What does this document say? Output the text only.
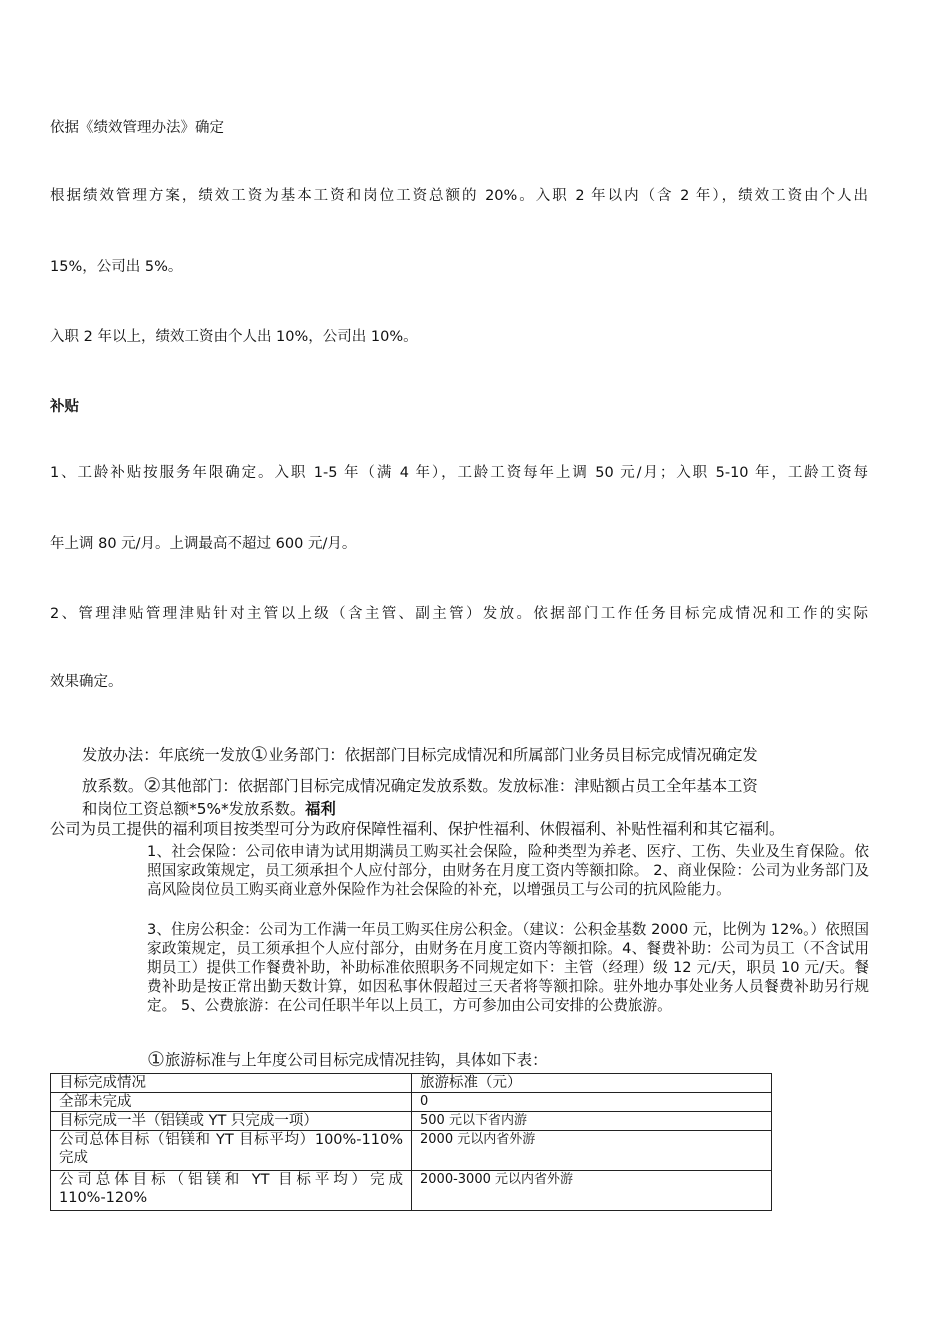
依据《绩效管理办法》确定

根据绩效管理方案，绩效工资为基本工资和岗位工资总额的 20%。入职 2 年以内（含 2 年），绩效工资由个人出

15%，公司出 5%。

入职 2 年以上，绩效工资由个人出 10%，公司出 10%。

补贴

1、工龄补贴按服务年限确定。入职 1-5 年（满 4 年），工龄工资每年上调 50 元/月；入职 5-10 年，工龄工资每

年上调 80 元/月。上调最高不超过 600 元/月。

2、管理津贴管理津贴针对主管以上级（含主管、副主管）发放。依据部门工作任务目标完成情况和工作的实际

效果确定。

发放办法：年底统一发放①业务部门：依据部门目标完成情况和所属部门业务员目标完成情况确定发

放系数。②其他部门：依据部门目标完成情况确定发放系数。发放标准：津贴额占员工全年基本工资

和岗位工资总额*5%*发放系数。福利

公司为员工提供的福利项目按类型可分为政府保障性福利、保护性福利、休假福利、补贴性福利和其它福利。

1、社会保险：公司依申请为试用期满员工购买社会保险，险种类型为养老、医疗、工伤、失业及生育保险。依照国家政策规定，员工须承担个人应付部分，由财务在月度工资内等额扣除。 2、商业保险：公司为业务部门及高风险岗位员工购买商业意外保险作为社会保险的补充，以增强员工与公司的抗风险能力。

3、住房公积金：公司为工作满一年员工购买住房公积金。（建议：公积金基数 2000 元，比例为 12%。）依照国家政策规定，员工须承担个人应付部分，由财务在月度工资内等额扣除。4、餐费补助：公司为员工（不含试用期员工）提供工作餐费补助，补助标准依照职务不同规定如下：主管（经理）级 12 元/天，职员 10 元/天。餐费补助是按正常出勤天数计算，如因私事休假超过三天者将等额扣除。驻外地办事处业务人员餐费补助另行规定。 5、公费旅游：在公司任职半年以上员工，方可参加由公司安排的公费旅游。

①旅游标准与上年度公司目标完成情况挂钩，具体如下表：

目标完成情况	旅游标准（元）
全部未完成	0
目标完成一半（铝镁或 YT 只完成一项）	500 元以下省内游
公司总体目标（铝镁和 YT 目标平均）100%-110%完成	2000 元以内省外游
公司总体目标（铝镁和 YT 目标平均）完成 110%-120%	2000-3000 元以内省外游
